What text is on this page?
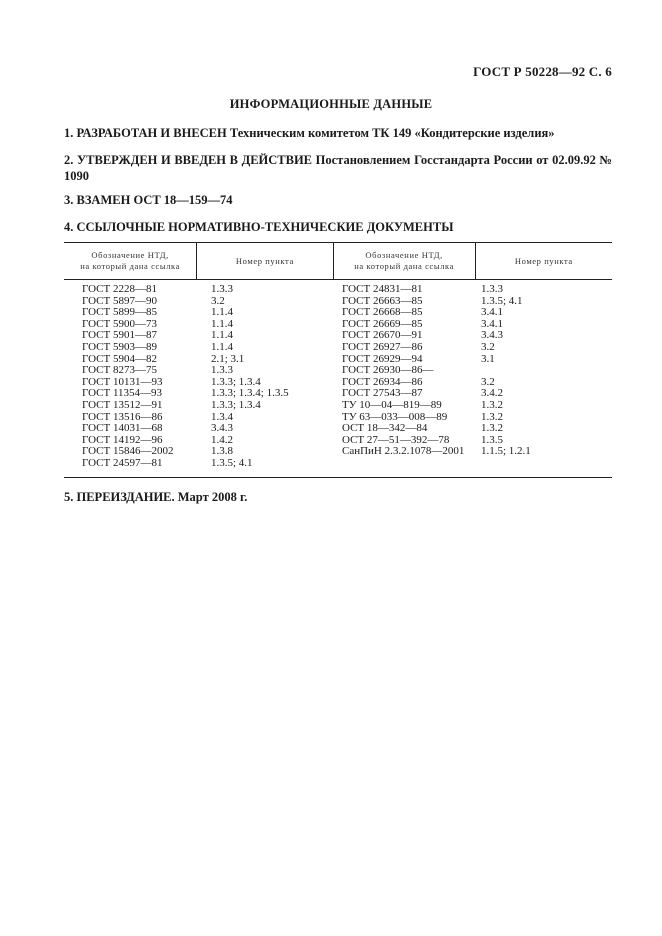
ГОСТ Р 50228—92 С. 6
ИНФОРМАЦИОННЫЕ ДАННЫЕ
1. РАЗРАБОТАН И ВНЕСЕН Техническим комитетом ТК 149 «Кондитерские изделия»
2. УТВЕРЖДЕН И ВВЕДЕН В ДЕЙСТВИЕ Постановлением Госстандарта России от 02.09.92 № 1090
3. ВЗАМЕН ОСТ 18—159—74
4. ССЫЛОЧНЫЕ НОРМАТИВНО-ТЕХНИЧЕСКИЕ ДОКУМЕНТЫ
Обозначение НТД,
на который дана ссылка
Номер пункта
Обозначение НТД,
на который дана ссылка
Номер пункта
ГОСТ 2228—81
ГОСТ 5897—90
ГОСТ 5899—85
ГОСТ 5900—73
ГОСТ 5901—87
ГОСТ 5903—89
ГОСТ 5904—82
ГОСТ 8273—75
ГОСТ 10131—93
ГОСТ 11354—93
ГОСТ 13512—91
ГОСТ 13516—86
ГОСТ 14031—68
ГОСТ 14192—96
ГОСТ 15846—2002
ГОСТ 24597—81
1.3.3
3.2
1.1.4
1.1.4
1.1.4
1.1.4
2.1; 3.1
1.3.3
1.3.3; 1.3.4
1.3.3; 1.3.4; 1.3.5
1.3.3; 1.3.4
1.3.4
3.4.3
1.4.2
1.3.8
1.3.5; 4.1
ГОСТ 24831—81
ГОСТ 26663—85
ГОСТ 26668—85
ГОСТ 26669—85
ГОСТ 26670—91
ГОСТ 26927—86
ГОСТ 26929—94
ГОСТ 26930—86—
ГОСТ 26934—86
ГОСТ 27543—87
ТУ 10—04—819—89
ТУ 63—033—008—89
ОСТ 18—342—84
ОСТ 27—51—392—78
СанПиН 2.3.2.1078—2001
1.3.3
1.3.5; 4.1
3.4.1
3.4.1
3.4.3
3.2
3.1
3.2
3.4.2
1.3.2
1.3.2
1.3.2
1.3.5
1.1.5; 1.2.1
5. ПЕРЕИЗДАНИЕ. Март 2008 г.
